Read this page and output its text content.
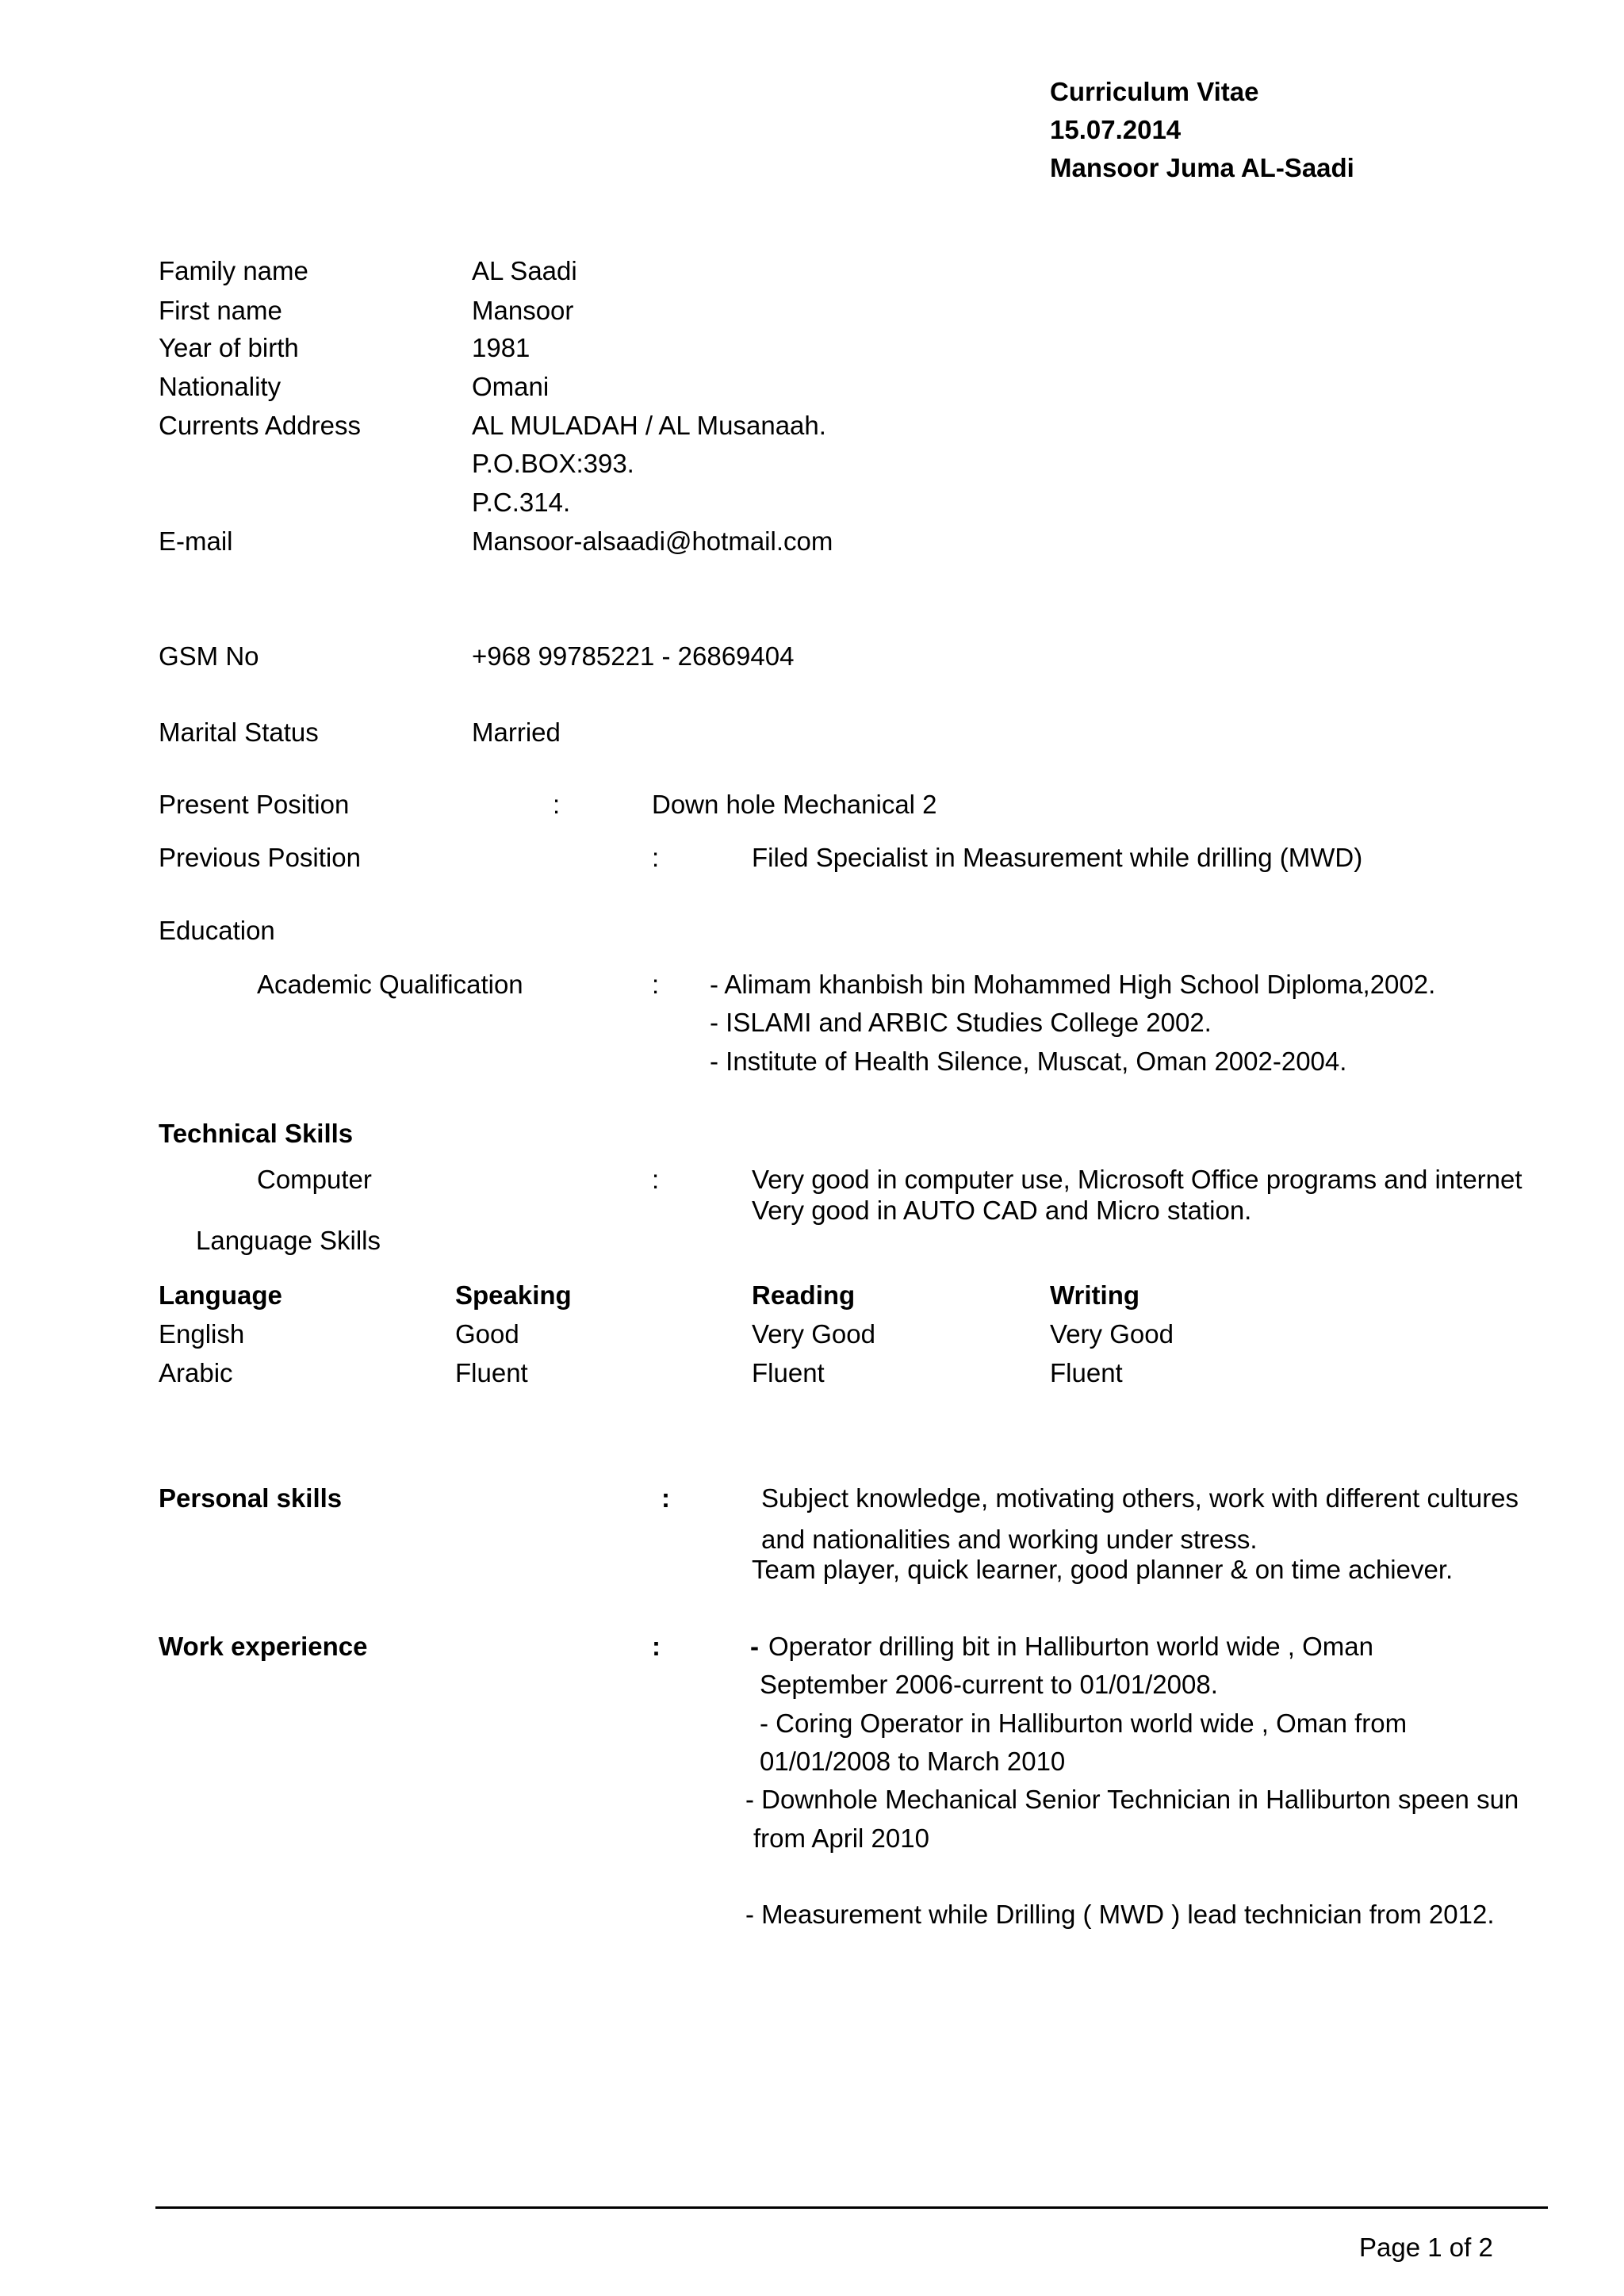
Curriculum Vitae
15.07.2014
Mansoor Juma AL-Saadi
Family name	AL Saadi
First name	Mansoor
Year of birth	1981
Nationality	Omani
Currents Address	AL MULADAH / AL Musanaah.
P.O.BOX:393.
P.C.314.
E-mail	Mansoor-alsaadi@hotmail.com
GSM No	+968 99785221 - 26869404
Marital Status	Married
Present Position	:	Down hole Mechanical 2
Previous Position	:	Filed Specialist in Measurement while drilling (MWD)
Education
Academic Qualification	: - Alimam khanbish bin Mohammed High School Diploma,2002.
- ISLAMI and ARBIC Studies College 2002.
- Institute of Health Silence, Muscat, Oman 2002-2004.
Technical Skills
Computer	:	Very good in computer use, Microsoft Office programs and internet
Very good in AUTO CAD and Micro station.
Language Skills
Language	Speaking	Reading	Writing
English	Good	Very Good	Very Good
Arabic	Fluent	Fluent	Fluent
Personal skills	:	Subject knowledge, motivating others, work with different cultures
and nationalities and working under stress.
Team player, quick learner, good planner & on time achiever.
Work experience	:	- Operator drilling bit in Halliburton world wide , Oman
September 2006-current to 01/01/2008.
- Coring Operator in Halliburton world wide , Oman from
01/01/2008 to March 2010
- Downhole Mechanical Senior Technician in Halliburton speen sun
from April 2010
- Measurement while Drilling ( MWD ) lead technician from 2012.
Page 1 of 2
